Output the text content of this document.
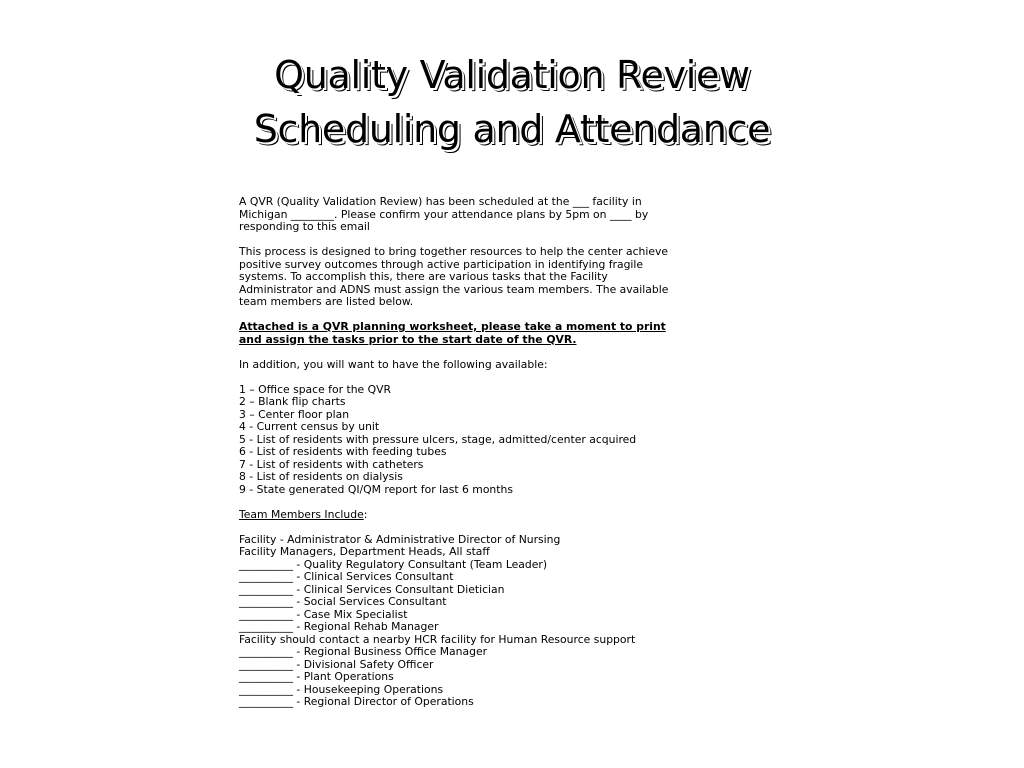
Quality Validation Review
Scheduling and Attendance

A QVR (Quality Validation Review) has been scheduled at the ___ facility in
Michigan ________. Please confirm your attendance plans by 5pm on ____ by
responding to this email

This process is designed to bring together resources to help the center achieve
positive survey outcomes through active participation in identifying fragile
systems. To accomplish this, there are various tasks that the Facility
Administrator and ADNS must assign the various team members. The available
team members are listed below.

Attached is a QVR planning worksheet, please take a moment to print
and assign the tasks prior to the start date of the QVR.

In addition, you will want to have the following available:

1 – Office space for the QVR
2 – Blank flip charts
3 – Center floor plan
4 - Current census by unit
5 - List of residents with pressure ulcers, stage, admitted/center acquired
6 - List of residents with feeding tubes
7 - List of residents with catheters
8 - List of residents on dialysis
9 - State generated QI/QM report for last 6 months

Team Members Include:

Facility - Administrator & Administrative Director of Nursing
Facility Managers, Department Heads, All staff
__________ - Quality Regulatory Consultant (Team Leader)
__________ - Clinical Services Consultant
__________ - Clinical Services Consultant Dietician
__________ - Social Services Consultant
__________ - Case Mix Specialist
__________ - Regional Rehab Manager
Facility should contact a nearby HCR facility for Human Resource support
__________ - Regional Business Office Manager
__________ - Divisional Safety Officer
__________ - Plant Operations
__________ - Housekeeping Operations
__________ - Regional Director of Operations
